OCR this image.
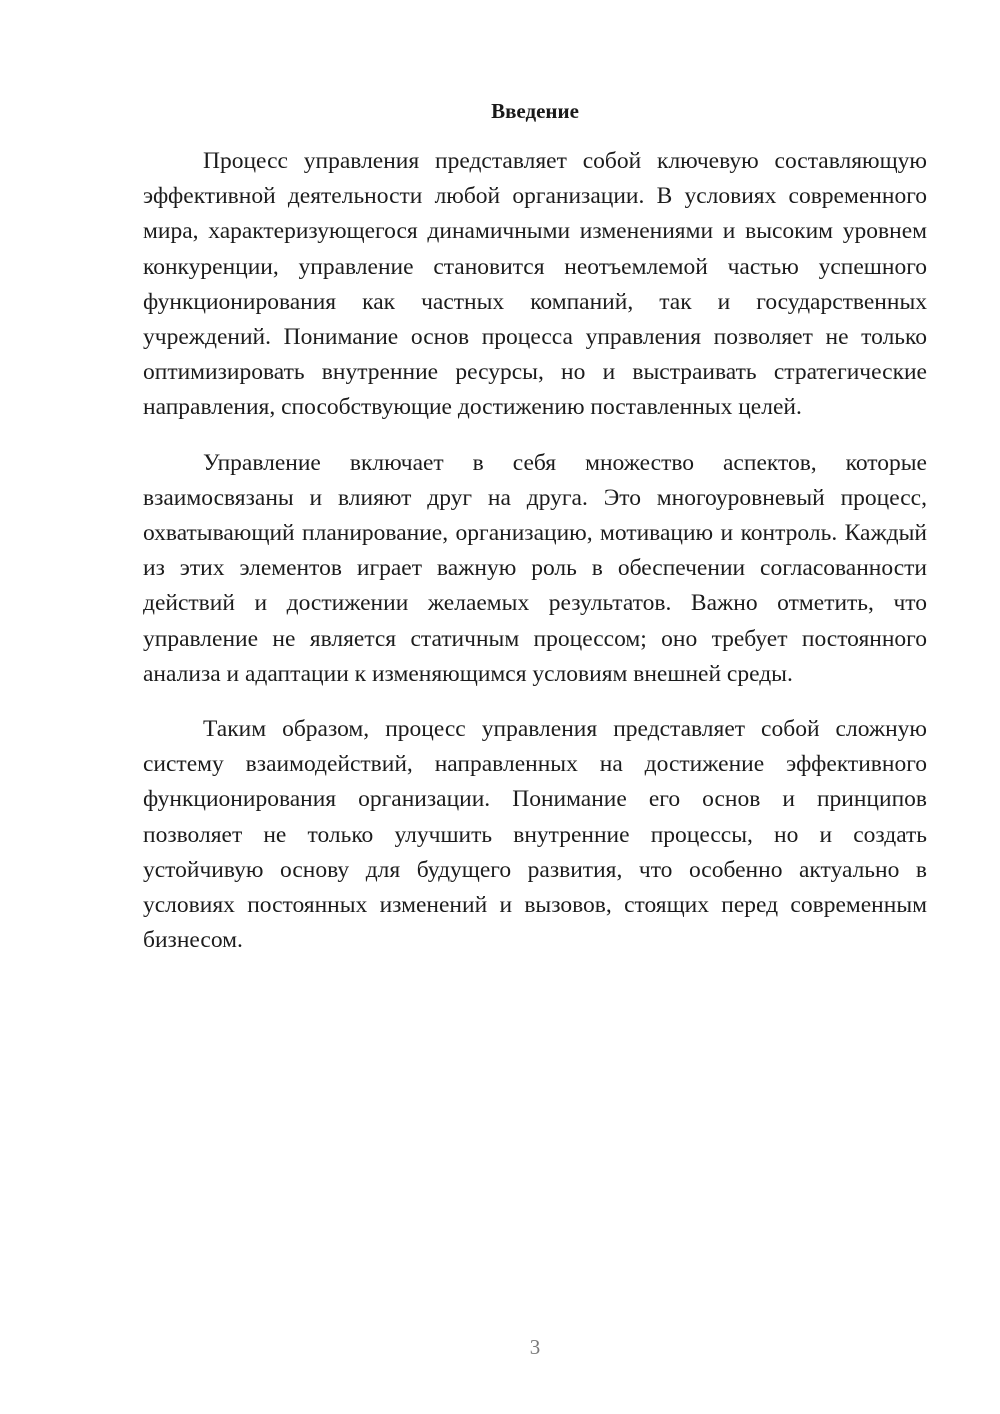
Введение

Процесс управления представляет собой ключевую составляющую эффективной деятельности любой организации. В условиях современного мира, характеризующегося динамичными изменениями и высоким уровнем конкуренции, управление становится неотъемлемой частью успешного функционирования как частных компаний, так и государственных учреждений. Понимание основ процесса управления позволяет не только оптимизировать внутренние ресурсы, но и выстраивать стратегические направления, способствующие достижению поставленных целей.

Управление включает в себя множество аспектов, которые взаимосвязаны и влияют друг на друга. Это многоуровневый процесс, охватывающий планирование, организацию, мотивацию и контроль. Каждый из этих элементов играет важную роль в обеспечении согласованности действий и достижении желаемых результатов. Важно отметить, что управление не является статичным процессом; оно требует постоянного анализа и адаптации к изменяющимся условиям внешней среды.

Таким образом, процесс управления представляет собой сложную систему взаимодействий, направленных на достижение эффективного функционирования организации. Понимание его основ и принципов позволяет не только улучшить внутренние процессы, но и создать устойчивую основу для будущего развития, что особенно актуально в условиях постоянных изменений и вызовов, стоящих перед современным бизнесом.

3
